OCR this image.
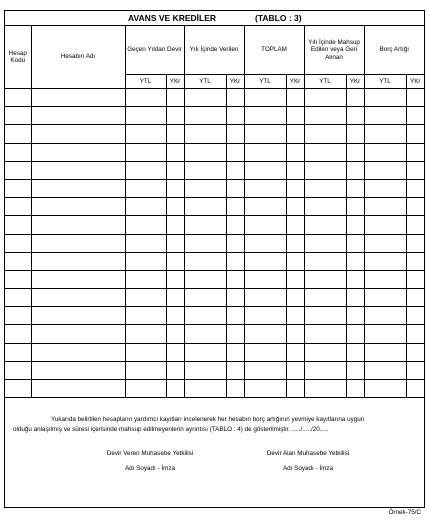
AVANS VE KREDİLER	(TABLO : 3)
Hesap Kodu	Hesabın Adı	Geçen Yıldan Devir		Yılı İçinde Verilen		TOPLAM		Yılı İçinde Mahsup Edilen veya Geri Alınan		Borç Artığı	
		YTL	YKr	YTL	YKr	YTL	YKr	YTL	YKr	YTL	YKr

Yukarıda belirtilen hesapların yardımcı kayıtları incelenerek her hesabın borç artığının yevmiye kayıtlarına uygun
olduğu anlaşılmış ve süresi içerisinde mahsup edilmeyenlerin ayrıntısı (TABLO : 4) de gösterilmiştir. ...../...../20.....
Devir Veren Muhasebe Yetkilisi
Adı Soyadı - İmza
Devir Alan Muhasebe Yetkilisi
Adı Soyadı - İmza
Örnek-75/C
